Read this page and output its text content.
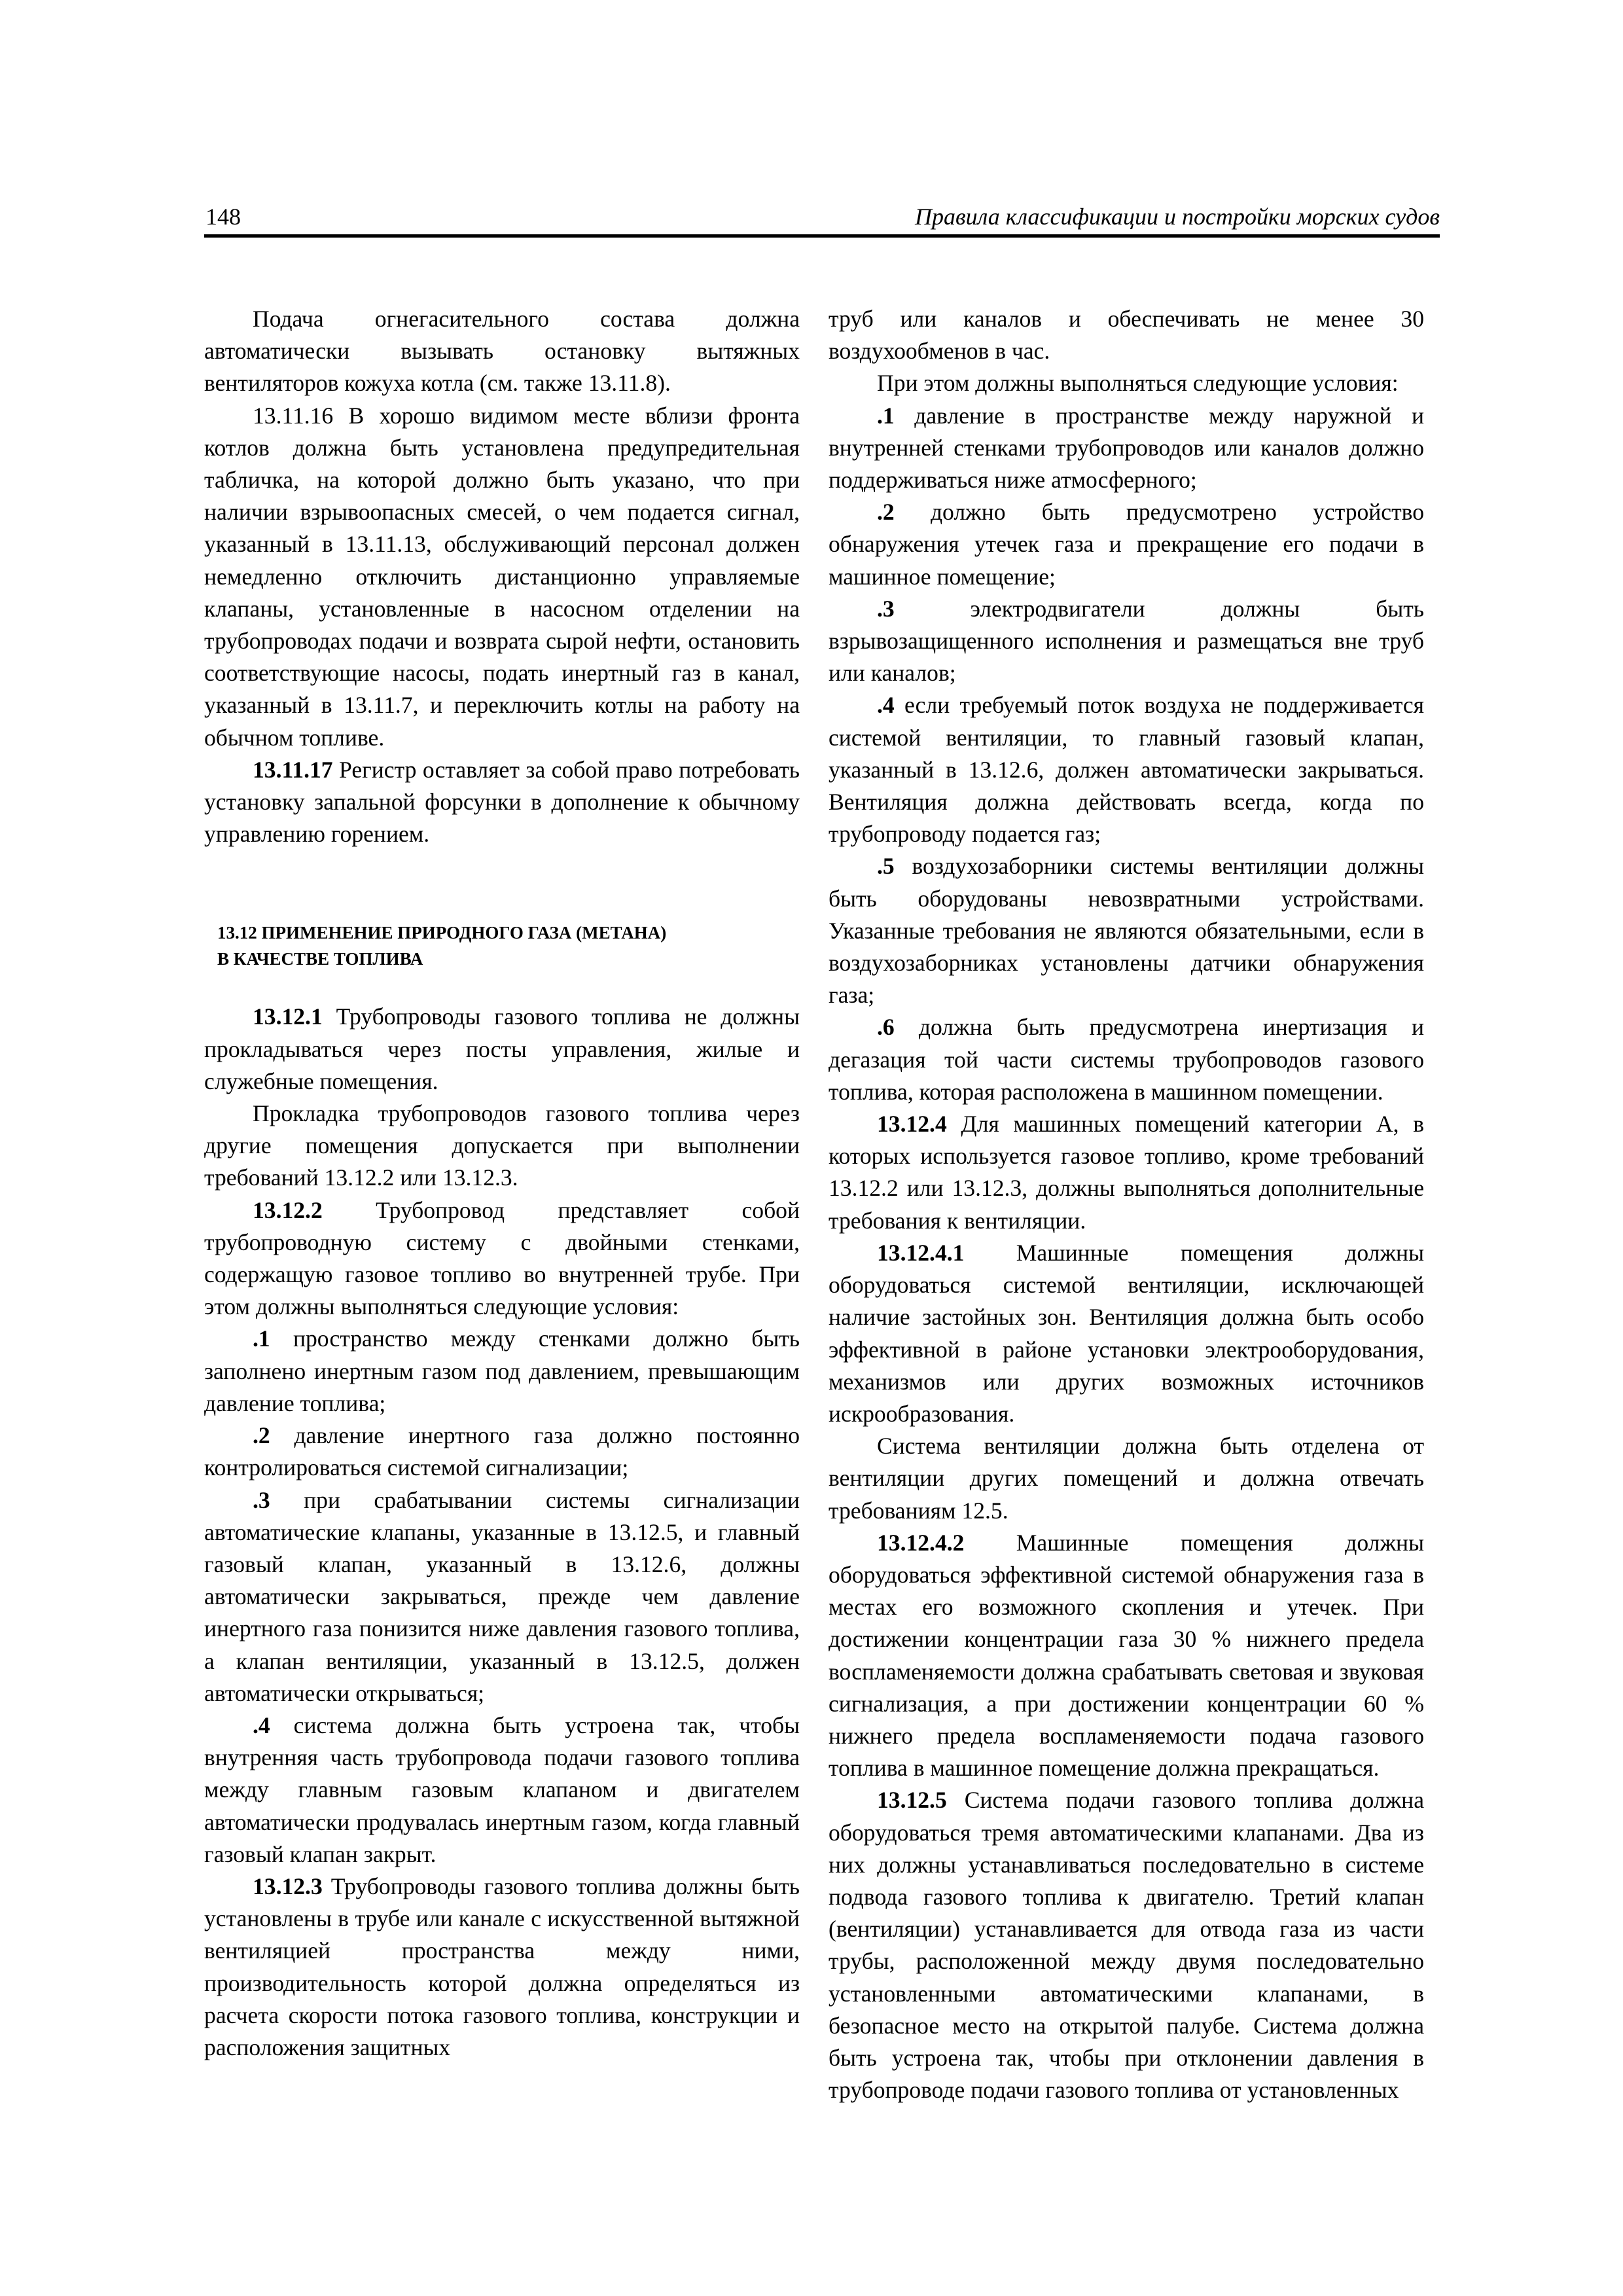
148	Правила классификации и постройки морских судов

Подача огнегасительного состава должна автоматически вызывать остановку вытяжных вентиляторов кожуха котла (см. также 13.11.8).

13.11.16 В хорошо видимом месте вблизи фронта котлов должна быть установлена предупредительная табличка, на которой должно быть указано, что при наличии взрывоопасных смесей, о чем подается сигнал, указанный в 13.11.13, обслуживающий персонал должен немедленно отключить дистанционно управляемые клапаны, установленные в насосном отделении на трубопроводах подачи и возврата сырой нефти, остановить соответствующие насосы, подать инертный газ в канал, указанный в 13.11.7, и переключить котлы на работу на обычном топливе.

13.11.17 Регистр оставляет за собой право потребовать установку запальной форсунки в дополнение к обычному управлению горением.

13.12 ПРИМЕНЕНИЕ ПРИРОДНОГО ГАЗА (МЕТАНА)
В КАЧЕСТВЕ ТОПЛИВА

13.12.1 Трубопроводы газового топлива не должны прокладываться через посты управления, жилые и служебные помещения.

Прокладка трубопроводов газового топлива через другие помещения допускается при выполнении требований 13.12.2 или 13.12.3.

13.12.2 Трубопровод представляет собой трубопроводную систему с двойными стенками, содержащую газовое топливо во внутренней трубе. При этом должны выполняться следующие условия:

.1 пространство между стенками должно быть заполнено инертным газом под давлением, превышающим давление топлива;

.2 давление инертного газа должно постоянно контролироваться системой сигнализации;

.3 при срабатывании системы сигнализации автоматические клапаны, указанные в 13.12.5, и главный газовый клапан, указанный в 13.12.6, должны автоматически закрываться, прежде чем давление инертного газа понизится ниже давления газового топлива, а клапан вентиляции, указанный в 13.12.5, должен автоматически открываться;

.4 система должна быть устроена так, чтобы внутренняя часть трубопровода подачи газового топлива между главным газовым клапаном и двигателем автоматически продувалась инертным газом, когда главный газовый клапан закрыт.

13.12.3 Трубопроводы газового топлива должны быть установлены в трубе или канале с искусственной вытяжной вентиляцией пространства между ними, производительность которой должна определяться из расчета скорости потока газового топлива, конструкции и расположения защитных

труб или каналов и обеспечивать не менее 30 воздухообменов в час.

При этом должны выполняться следующие условия:

.1 давление в пространстве между наружной и внутренней стенками трубопроводов или каналов должно поддерживаться ниже атмосферного;

.2 должно быть предусмотрено устройство обнаружения утечек газа и прекращение его подачи в машинное помещение;

.3 электродвигатели должны быть взрывозащищенного исполнения и размещаться вне труб или каналов;

.4 если требуемый поток воздуха не поддерживается системой вентиляции, то главный газовый клапан, указанный в 13.12.6, должен автоматически закрываться. Вентиляция должна действовать всегда, когда по трубопроводу подается газ;

.5 воздухозаборники системы вентиляции должны быть оборудованы невозвратными устройствами. Указанные требования не являются обязательными, если в воздухозаборниках установлены датчики обнаружения газа;

.6 должна быть предусмотрена инертизация и дегазация той части системы трубопроводов газового топлива, которая расположена в машинном помещении.

13.12.4 Для машинных помещений категории А, в которых используется газовое топливо, кроме требований 13.12.2 или 13.12.3, должны выполняться дополнительные требования к вентиляции.

13.12.4.1 Машинные помещения должны оборудоваться системой вентиляции, исключающей наличие застойных зон. Вентиляция должна быть особо эффективной в районе установки электрооборудования, механизмов или других возможных источников искрообразования.

Система вентиляции должна быть отделена от вентиляции других помещений и должна отвечать требованиям 12.5.

13.12.4.2 Машинные помещения должны оборудоваться эффективной системой обнаружения газа в местах его возможного скопления и утечек. При достижении концентрации газа 30 % нижнего предела воспламеняемости должна срабатывать световая и звуковая сигнализация, а при достижении концентрации 60 % нижнего предела воспламеняемости подача газового топлива в машинное помещение должна прекращаться.

13.12.5 Система подачи газового топлива должна оборудоваться тремя автоматическими клапанами. Два из них должны устанавливаться последовательно в системе подвода газового топлива к двигателю. Третий клапан (вентиляции) устанавливается для отвода газа из части трубы, расположенной между двумя последовательно установленными автоматическими клапанами, в безопасное место на открытой палубе. Система должна быть устроена так, чтобы при отклонении давления в трубопроводе подачи газового топлива от установленных
